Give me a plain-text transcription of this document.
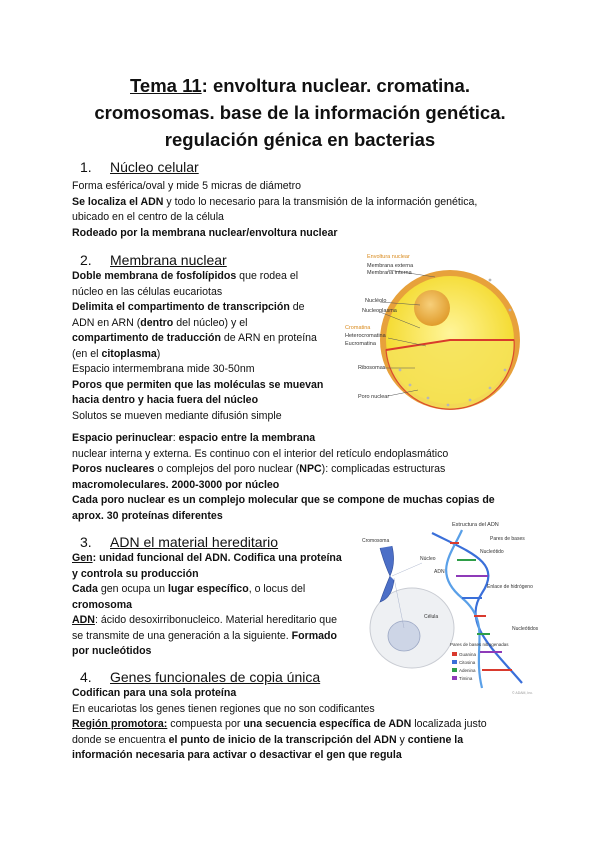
Tema 11: envoltura nuclear. cromatina.
cromosomas. base de la información genética.
regulación génica en bacterias
1. Núcleo celular
Forma esférica/oval y mide 5 micras de diámetro
Se localiza el ADN y todo lo necesario para la transmisión de la información genética,
ubicado en el centro de la célula
Rodeado por la membrana nuclear/envoltura nuclear
2. Membrana nuclear
Doble membrana de fosfolípidos que rodea el
núcleo en las células eucariotas
Delimita el compartimento de transcripción de
ADN en ARN (dentro del núcleo) y el
compartimento de traducción de ARN en proteína
(en el citoplasma)
Espacio intermembrana mide 30-50nm
Poros que permiten que las moléculas se muevan
hacia dentro y hacia fuera del núcleo
Solutos se mueven mediante difusión simple
Espacio perinuclear: espacio entre la membrana
nuclear interna y externa. Es continuo con el interior del retículo endoplasmático
Poros nucleares o complejos del poro nuclear (NPC): complicadas estructuras
macromoleculares. 2000-3000 por núcleo
Cada poro nuclear es un complejo molecular que se compone de muchas copias de
aprox. 30 proteínas diferentes
3. ADN el material hereditario
Gen: unidad funcional del ADN. Codifica una proteína
y controla su producción
Cada gen ocupa un lugar específico, o locus del
cromosoma
ADN: ácido desoxirribonucleico. Material hereditario que
se transmite de una generación a la siguiente. Formado
por nucleótidos
4. Genes funcionales de copia única
Codifican para una sola proteína
En eucariotas los genes tienen regiones que no son codificantes
Región promotora: compuesta por una secuencia específica de ADN localizada justo
donde se encuentra el punto de inicio de la transcripción del ADN y contiene la
información necesaria para activar o desactivar el gen que regula
Envoltura nuclear
Membrana externa
Membrana interna
Nucléolo
Nucleoplasma
Cromatina
Heterocromatina
Eucromatina
Ribosomas
Poro nuclear
Estructura del ADN
Cromosoma
Núcleo
Célula
ADN
Pares de bases
Nucleótido
Enlace de hidrógeno
Nucleótidos
Pares de bases nitrogenadas
Guanina
Citosina
Adenina
Timina
© ADAM, Inc.
